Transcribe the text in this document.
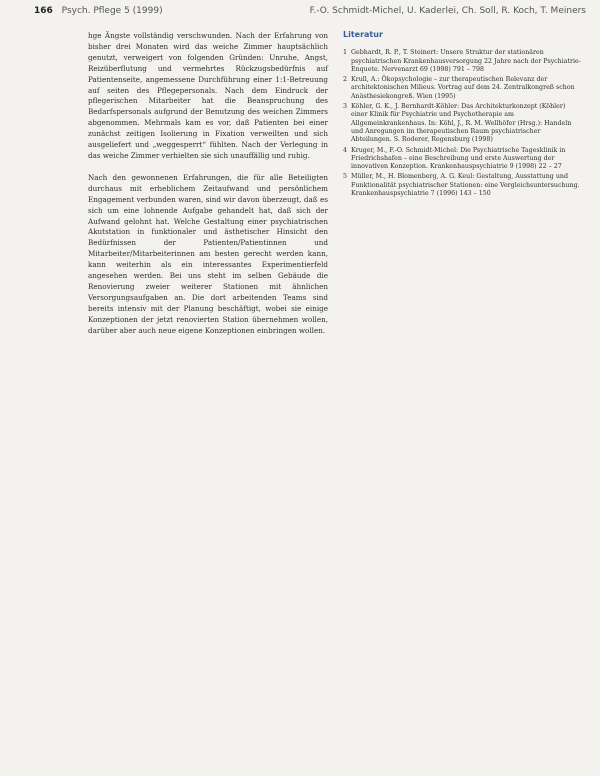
166 Psych. Pflege 5 (1999)	F.-O. Schmidt-Michel, U. Kaderlei, Ch. Soll, R. Koch, T. Meiners

hge Ängste vollständig verschwunden. Nach der Erfahrung von bisher drei Monaten wird das weiche Zimmer hauptsächlich genutzt, verweigert von folgenden Gründen: Unruhe, Angst, Reizüberflutung und vermehrtes Rückzugsbedürfnis auf Patientenseite, angemessene Durchführung einer 1:1-Betreuung auf seiten des Pflegepersonals. Nach dem Eindruck der pflegerischen Mitarbeiter hat die Beanspruchung des Bedarfspersonals aufgrund der Benutzung des weichen Zimmers abgenommen. Mehrmals kam es vor, daß Patienten bei einer zunächst zeitigen Isolierung in Fixation verweilten und sich ausgeliefert und „weggesperrt“ fühlten. Nach der Verlegung in das weiche Zimmer verhielten sie sich unauffällig und ruhig.

Nach den gewonnenen Erfahrungen, die für alle Beteiligten durchaus mit erheblichem Zeitaufwand und persönlichem Engagement verbunden waren, sind wir davon überzeugt, daß es sich um eine lohnende Aufgabe gehandelt hat, daß sich der Aufwand gelohnt hat. Welche Gestaltung einer psychiatrischen Akutstation in funktionaler und ästhetischer Hinsicht den Bedürfnissen der Patienten/Patientinnen und Mitarbeiter/Mitarbeiterinnen am besten gerecht werden kann, kann weiterhin als ein interessantes Experimentierfeld angesehen werden. Bei uns steht im selben Gebäude die Renovierung zweier weiterer Stationen mit ähnlichen Versorgungsaufgaben an. Die dort arbeitenden Teams sind bereits intensiv mit der Planung beschäftigt, wobei sie einige Konzeptionen der jetzt renovierten Station übernehmen wollen, darüber aber auch neue eigene Konzeptionen einbringen wollen.

Literatur
1 Gebhardt, R. P., T. Steinert: Unsere Struktur der stationären psychiatrischen Krankenhausversorgung 22 Jahre nach der Psychiatrie-Enquete. Nervenarzt 69 (1998) 791 – 798
2 Krull, A.: Ökopsychologie – zur therapeutischen Relevanz der architektonischen Milieus. Vortrag auf dem 24. Zentralkongreß schon Anästhesiekongreß. Wien (1995)
3 Köhler, G. K., J. Bernhardt-Köhler: Das Architekturkonzept (Köhler) einer Klinik für Psychiatrie und Psychotherapie am Allgemeinkrankenhaus. In: Köhl, J., R. M. Wellhöfer (Hrsg.): Handeln und Anregungen im therapeutischen Raum psychiatrischer Abteilungen. S. Roderer, Regensburg (1998)
4 Kruger, M., F.-O. Schmidt-Michel: Die Psychiatrische Tagesklinik in Friedrichshafen – eine Beschreibung und erste Auswertung der innovativen Konzeption. Krankenhauspsychiatrie 9 (1998) 22 – 27
5 Müller, M., H. Blomenberg, A. G. Keul: Gestaltung, Ausstattung und Funktionalität psychiatrischer Stationen: eine Vergleichsuntersuchung. Krankenhauspsychiatrie 7 (1996) 143 – 150
